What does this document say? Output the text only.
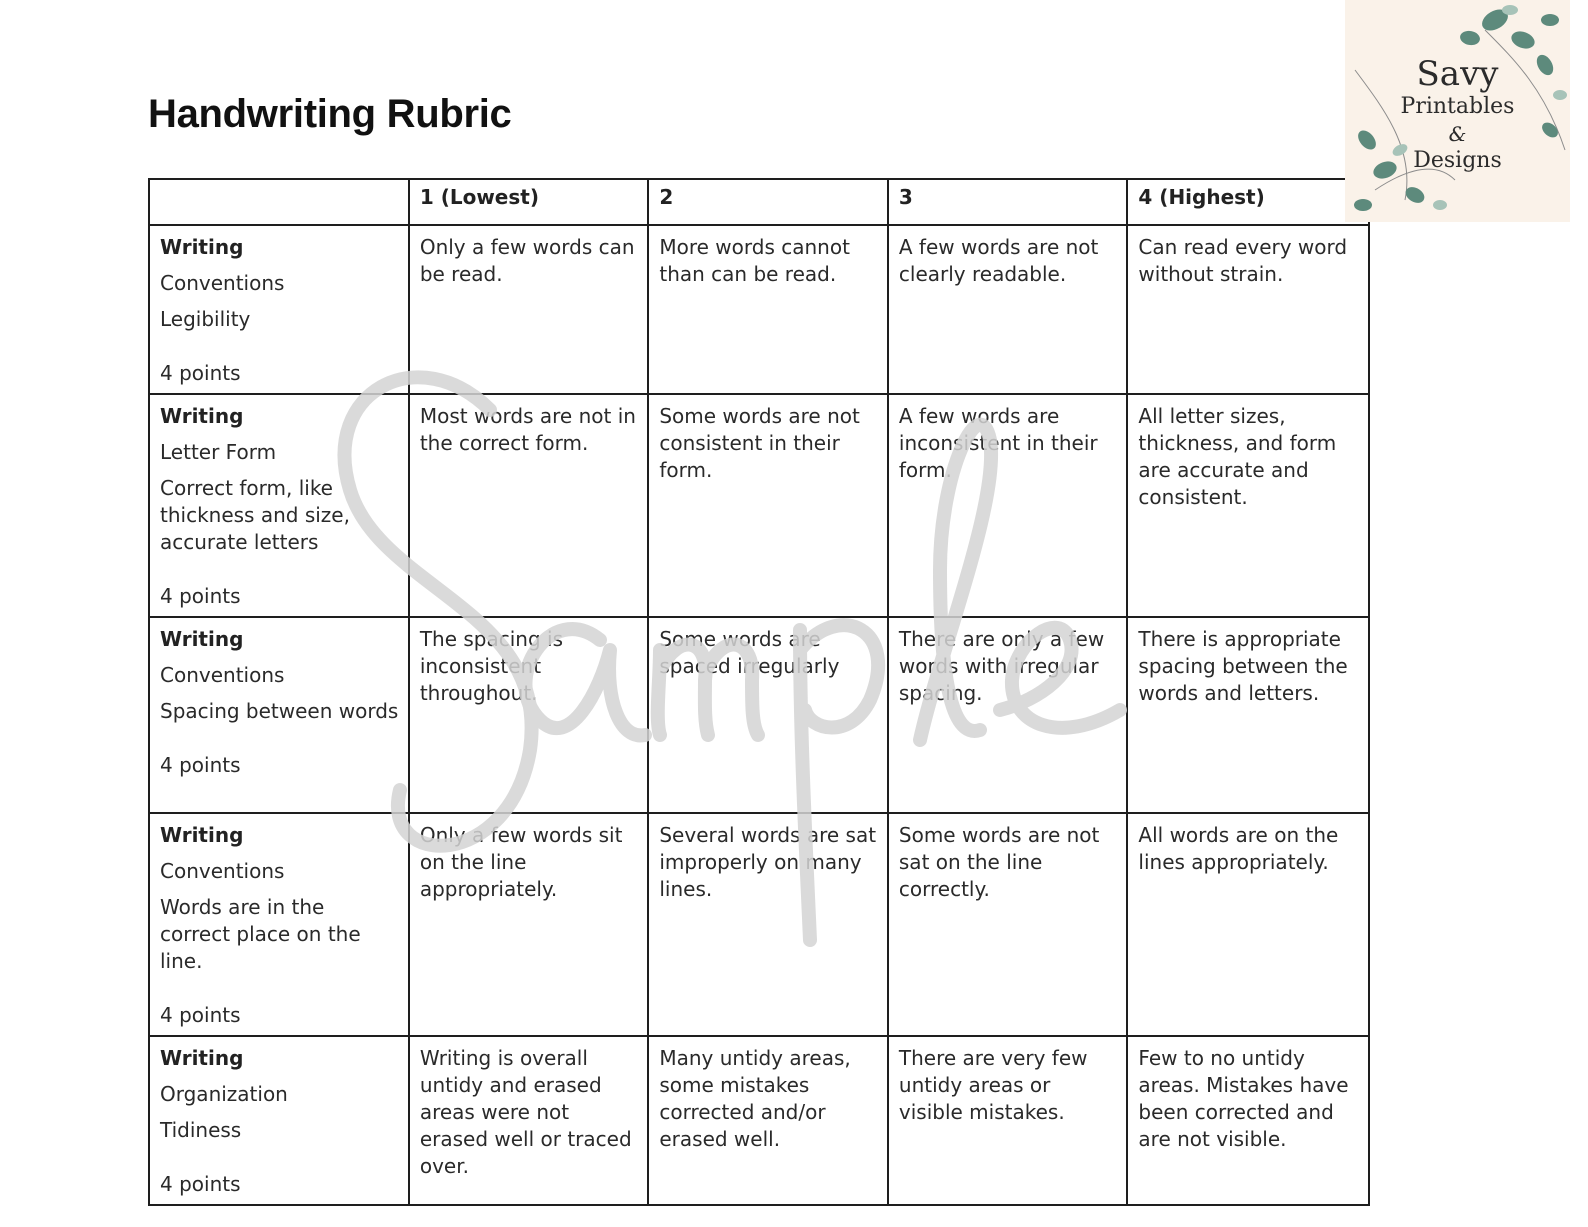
Handwriting Rubric
	1 (Lowest)	2	3	4 (Highest)

Writing
Conventions
Legibility
4 points	Only a few words can be read.	More words cannot than can be read.	A few words are not clearly readable.	Can read every word without strain.

Writing
Letter Form
Correct form, like thickness and size, accurate letters
4 points	Most words are not in the correct form.	Some words are not consistent in their form.	A few words are inconsistent in their form.	All letter sizes, thickness, and form are accurate and consistent.

Writing
Conventions
Spacing between words
4 points	The spacing is inconsistent throughout.	Some words are spaced irregularly	There are only a few words with irregular spacing.	There is appropriate spacing between the words and letters.

Writing
Conventions
Words are in the correct place on the line.
4 points	Only a few words sit on the line appropriately.	Several words are sat improperly on many lines.	Some words are not sat on the line correctly.	All words are on the lines appropriately.

Writing
Organization
Tidiness
4 points	Writing is overall untidy and erased areas were not erased well or traced over.	Many untidy areas, some mistakes corrected and/or erased well.	There are very few untidy areas or visible mistakes.	Few to no untidy areas. Mistakes have been corrected and are not visible.
Savy
Printables
&
Designs
